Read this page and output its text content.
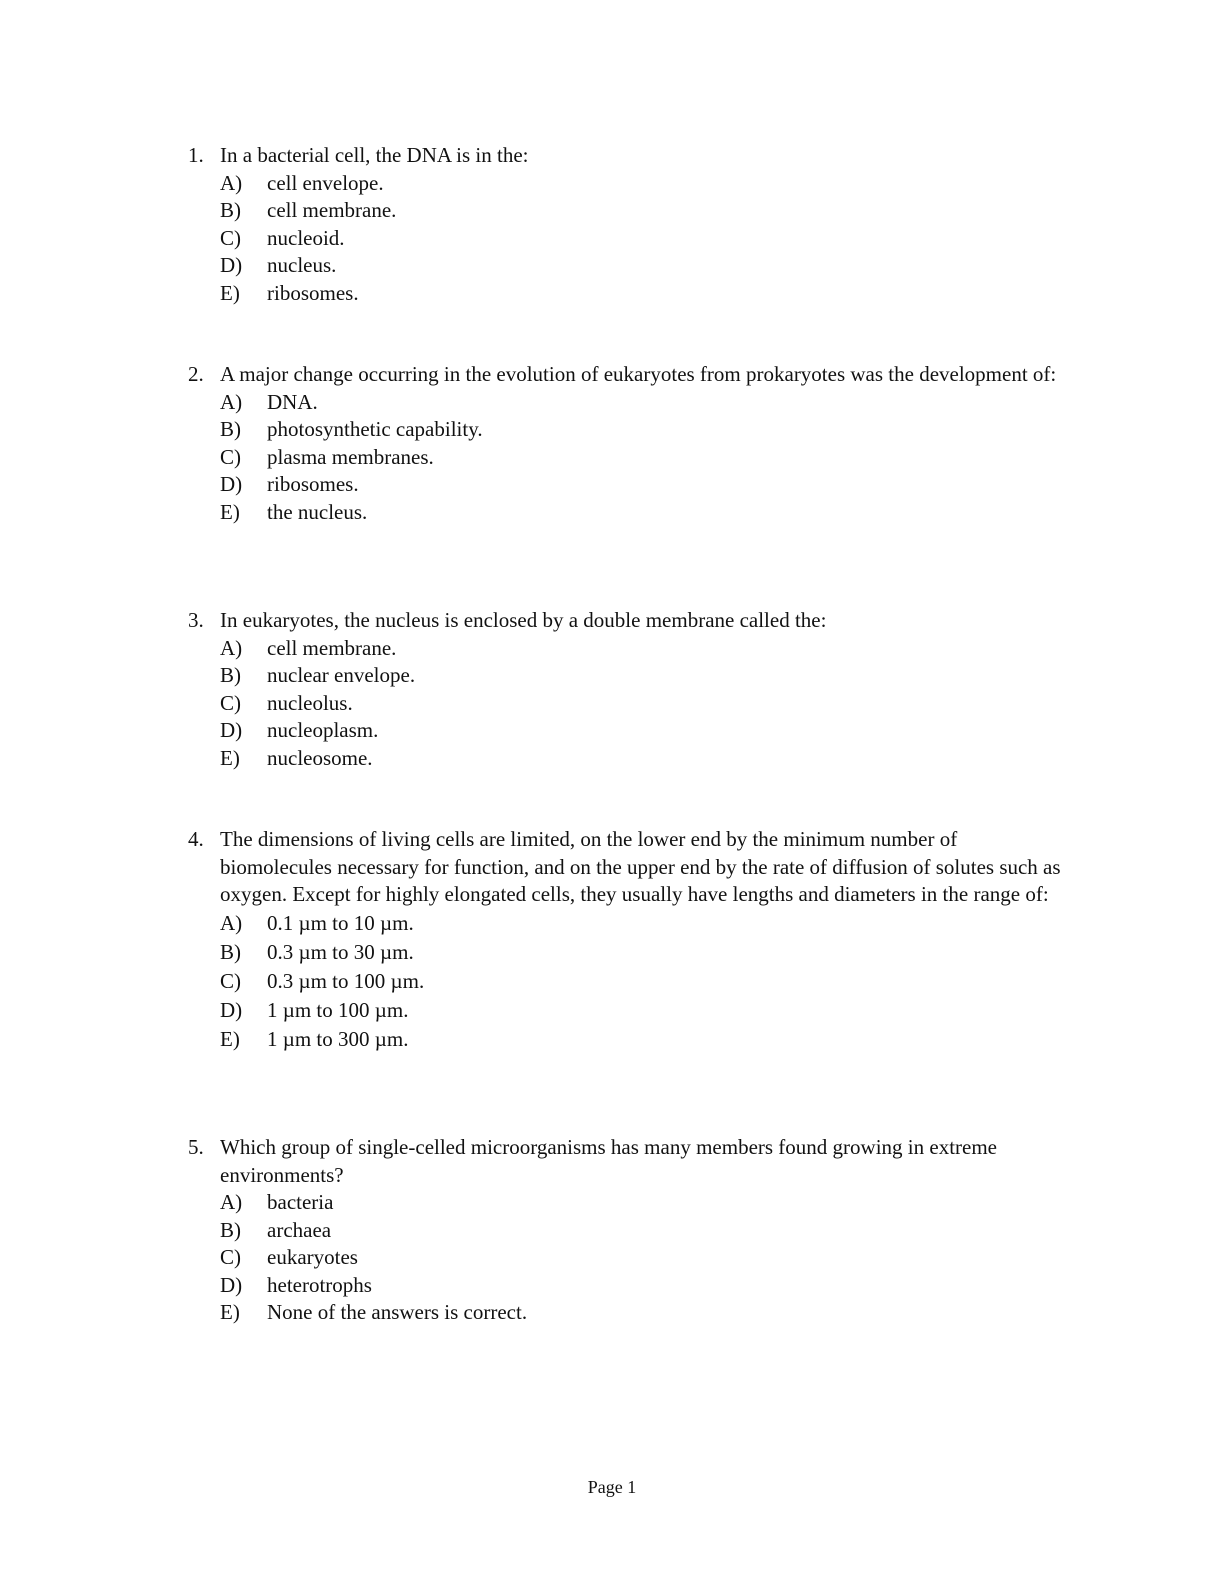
1. In a bacterial cell, the DNA is in the:
A)	cell envelope.
B)	cell membrane.
C)	nucleoid.
D)	nucleus.
E)	ribosomes.
2. A major change occurring in the evolution of eukaryotes from prokaryotes was the development of:
A)	DNA.
B)	photosynthetic capability.
C)	plasma membranes.
D)	ribosomes.
E)	the nucleus.
3. In eukaryotes, the nucleus is enclosed by a double membrane called the:
A)	cell membrane.
B)	nuclear envelope.
C)	nucleolus.
D)	nucleoplasm.
E)	nucleosome.
4. The dimensions of living cells are limited, on the lower end by the minimum number of biomolecules necessary for function, and on the upper end by the rate of diffusion of solutes such as oxygen. Except for highly elongated cells, they usually have lengths and diameters in the range of:
A)	0.1 µm to 10 µm.
B)	0.3 µm to 30 µm.
C)	0.3 µm to 100 µm.
D)	1 µm to 100 µm.
E)	1 µm to 300 µm.
5. Which group of single-celled microorganisms has many members found growing in extreme environments?
A)	bacteria
B)	archaea
C)	eukaryotes
D)	heterotrophs
E)	None of the answers is correct.
Page 1
